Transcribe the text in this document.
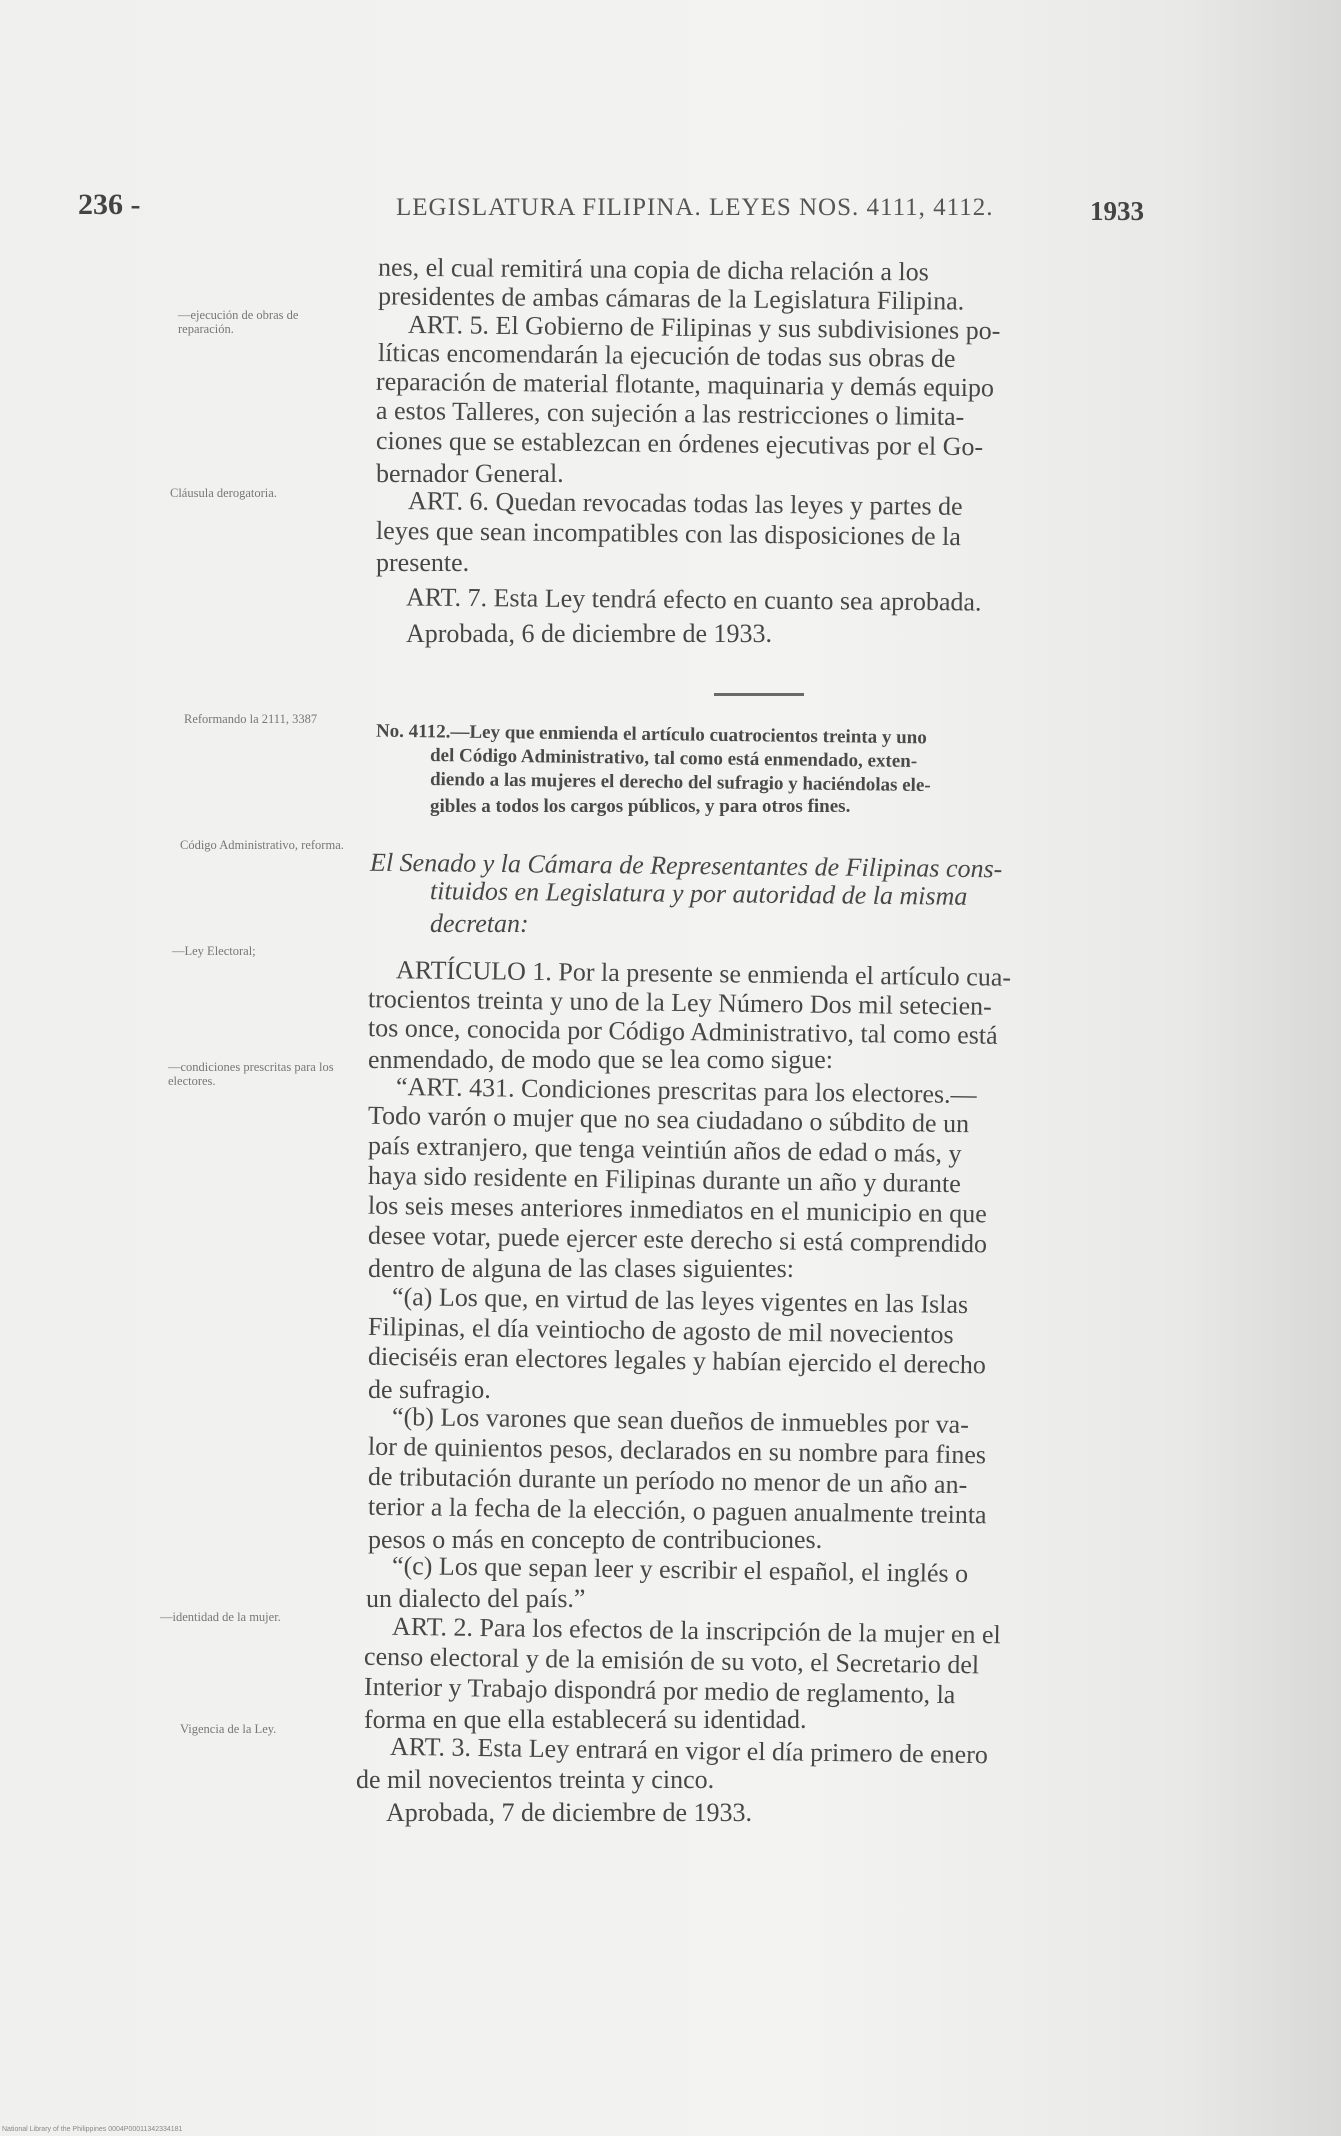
236 -	LEGISLATURA FILIPINA. LEYES NOS. 4111, 4112.	1933
—ejecución de obras de reparación.
Cláusula derogatoria.
Reformando la 2111, 3387
Código Administrativo, reforma.
—Ley Electoral;
—condiciones prescritas para los electores.
—identidad de la mujer.
Vigencia de la Ley.
nes, el cual remitirá una copia de dicha relación a los
presidentes de ambas cámaras de la Legislatura Filipina.
ART. 5. El Gobierno de Filipinas y sus subdivisiones po-
líticas encomendarán la ejecución de todas sus obras de
reparación de material flotante, maquinaria y demás equipo
a estos Talleres, con sujeción a las restricciones o limita-
ciones que se establezcan en órdenes ejecutivas por el Go-
bernador General.
ART. 6. Quedan revocadas todas las leyes y partes de
leyes que sean incompatibles con las disposiciones de la
presente.
ART. 7. Esta Ley tendrá efecto en cuanto sea aprobada.
Aprobada, 6 de diciembre de 1933.
No. 4112.—Ley que enmienda el artículo cuatrocientos treinta y uno
del Código Administrativo, tal como está enmendado, exten-
diendo a las mujeres el derecho del sufragio y haciéndolas ele-
gibles a todos los cargos públicos, y para otros fines.
El Senado y la Cámara de Representantes de Filipinas cons-
tituidos en Legislatura y por autoridad de la misma
decretan:
ARTÍCULO 1. Por la presente se enmienda el artículo cua-
trocientos treinta y uno de la Ley Número Dos mil setecien-
tos once, conocida por Código Administrativo, tal como está
enmendado, de modo que se lea como sigue:
“ART. 431. Condiciones prescritas para los electores.—
Todo varón o mujer que no sea ciudadano o súbdito de un
país extranjero, que tenga veintiún años de edad o más, y
haya sido residente en Filipinas durante un año y durante
los seis meses anteriores inmediatos en el municipio en que
desee votar, puede ejercer este derecho si está comprendido
dentro de alguna de las clases siguientes:
“(a) Los que, en virtud de las leyes vigentes en las Islas
Filipinas, el día veintiocho de agosto de mil novecientos
dieciséis eran electores legales y habían ejercido el derecho
de sufragio.
“(b) Los varones que sean dueños de inmuebles por va-
lor de quinientos pesos, declarados en su nombre para fines
de tributación durante un período no menor de un año an-
terior a la fecha de la elección, o paguen anualmente treinta
pesos o más en concepto de contribuciones.
“(c) Los que sepan leer y escribir el español, el inglés o
un dialecto del país.”
ART. 2. Para los efectos de la inscripción de la mujer en el
censo electoral y de la emisión de su voto, el Secretario del
Interior y Trabajo dispondrá por medio de reglamento, la
forma en que ella establecerá su identidad.
ART. 3. Esta Ley entrará en vigor el día primero de enero
de mil novecientos treinta y cinco.
Aprobada, 7 de diciembre de 1933.
National Library of the Philippines 0004P00011342334181
